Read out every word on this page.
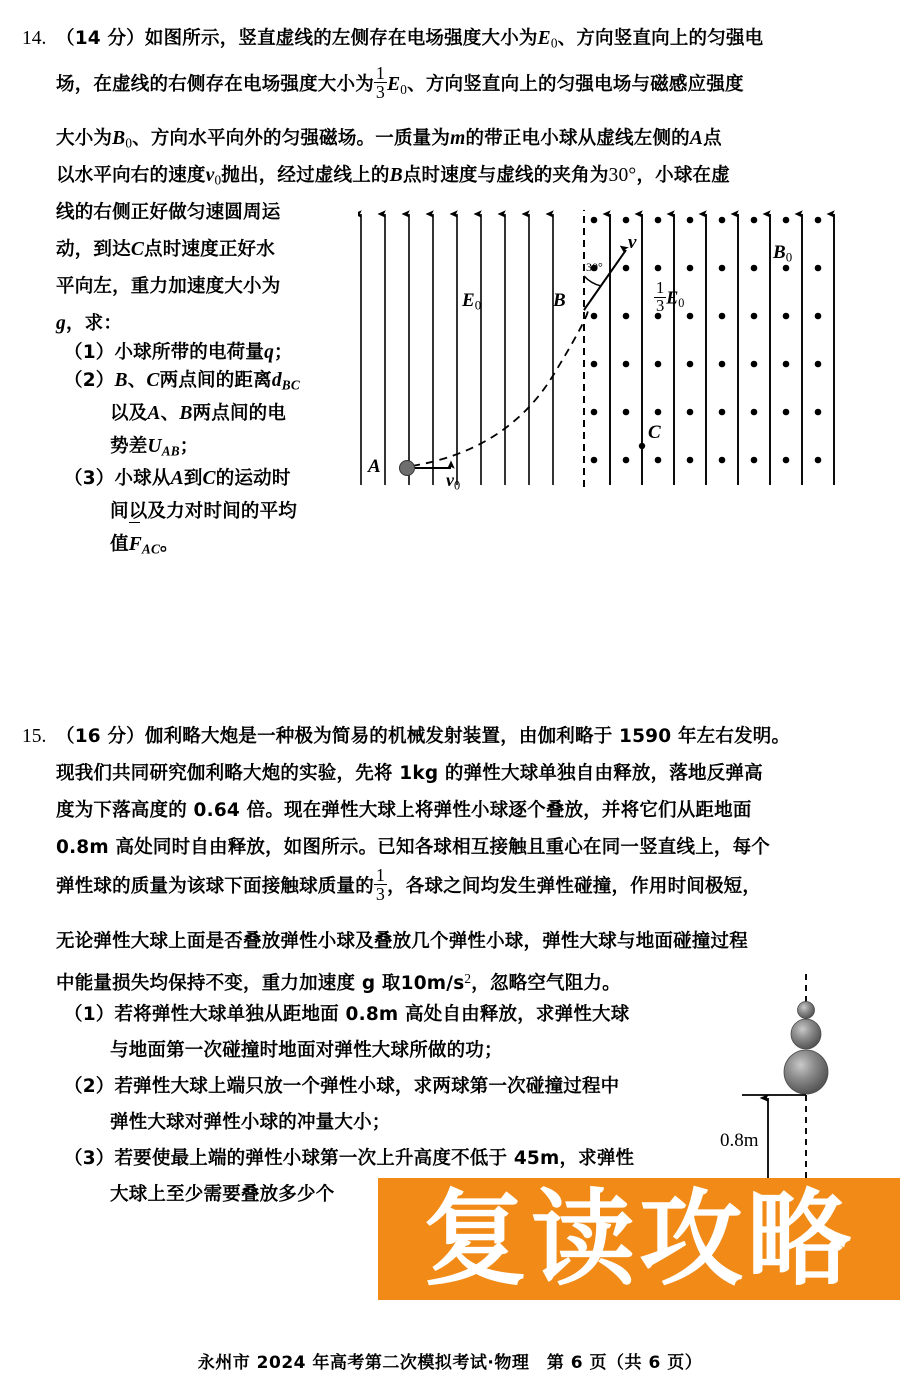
14. （14 分）如图所示，竖直虚线的左侧存在电场强度大小为$E_0$、方向竖直向上的匀强电
场，在虚线的右侧存在电场强度大小为 $\frac{1}{3} E_0$、方向竖直向上的匀强电场与磁感应强度
大小为$B_0$、方向水平向外的匀强磁场。一质量为m的带正电小球从虚线左侧的A点
以水平向右的速度$v_0$抛出，经过虚线上的B点时速度与虚线的夹角为30°，小球在虚
线的右侧正好做匀速圆周运
动，到达C点时速度正好水
平向左，重力加速度大小为
g，求：
（1）小球所带的电荷量q；
（2）B、C两点间的距离$d_{BC}$
以及A、B两点间的电
势差$U_{AB}$；
（3）小球从A到C的运动时
间以及力对时间的平均
值$F_{AC}$。
$E_0$	B
30°
v
$\frac{1}{3} E_0$
$B_0$
A
$v_0$
C
15. （16 分）伽利略大炮是一种极为简易的机械发射装置，由伽利略于 1590 年左右发明。
现我们共同研究伽利略大炮的实验，先将 1kg 的弹性大球单独自由释放，落地反弹高
度为下落高度的 0.64 倍。现在弹性大球上将弹性小球逐个叠放，并将它们从距地面
0.8m 高处同时自由释放，如图所示。已知各球相互接触且重心在同一竖直线上，每个
弹性球的质量为该球下面接触球质量的 $\frac{1}{3}$ ，各球之间均发生弹性碰撞，作用时间极短，
无论弹性大球上面是否叠放弹性小球及叠放几个弹性小球，弹性大球与地面碰撞过程
中能量损失均保持不变，重力加速度 g 取$10m/s^2$，忽略空气阻力。
（1）若将弹性大球单独从距地面 0.8m 高处自由释放，求弹性大球
与地面第一次碰撞时地面对弹性大球所做的功；
（2）若弹性大球上端只放一个弹性小球，求两球第一次碰撞过程中
弹性大球对弹性小球的冲量大小；
（3）若要使最上端的弹性小球第一次上升高度不低于 45m，求弹性
大球上至少需要叠放多少个
0.8m
复读攻略
永州市 2024 年高考第二次模拟考试·物理　第 6 页（共 6 页）
